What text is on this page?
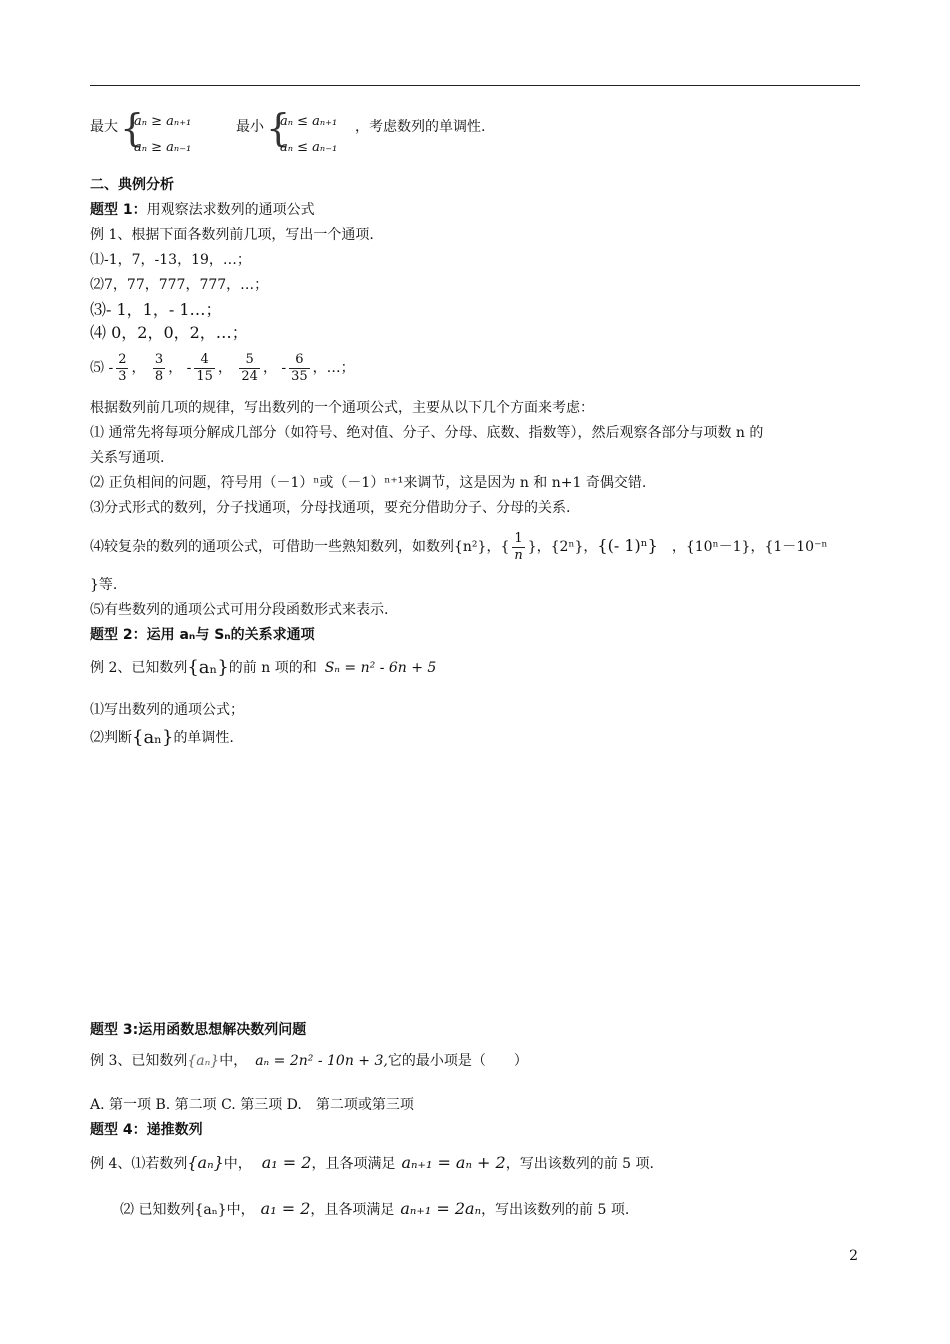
最大 {
aₙ ≥ aₙ₊₁
aₙ ≥ aₙ₋₁
最小 {
aₙ ≤ aₙ₊₁
aₙ ≤ aₙ₋₁
，考虑数列的单调性.
二、典例分析
题型 1：用观察法求数列的通项公式
例 1、根据下面各数列前几项，写出一个通项.
⑴-1，7，-13，19，…；
⑵7，77，777，777，…；
⑶- 1，1，- 1…；
⑷ 0，2，0，2，…；
⑸ - $\frac{2}{3}$ ， $\frac{3}{8}$ ， - $\frac{4}{15}$ ， $\frac{5}{24}$ ， - $\frac{6}{35}$ ，…；
根据数列前几项的规律，写出数列的一个通项公式，主要从以下几个方面来考虑：
⑴ 通常先将每项分解成几部分（如符号、绝对值、分子、分母、底数、指数等），然后观察各部分与项数 n 的
关系写通项.
⑵ 正负相间的问题，符号用（－1）ⁿ或（－1）ⁿ⁺¹来调节，这是因为 n 和 n+1 奇偶交错.
⑶分式形式的数列，分子找通项，分母找通项，要充分借助分子、分母的关系.
⑷较复杂的数列的通项公式，可借助一些熟知数列，如数列{n²}，{ $\frac{1}{n}$ }，{2ⁿ}，{(- 1)ⁿ}　 ，{10ⁿ－1}，{1－10⁻ⁿ
}等.
⑸有些数列的通项公式可用分段函数形式来表示.
题型 2：运用 aₙ与 Sₙ的关系求通项
例 2、已知数列{aₙ}的前 n 项的和 Sₙ = n² - 6n + 5
⑴写出数列的通项公式；
⑵判断{aₙ}的单调性.
题型 3:运用函数思想解决数列问题
例 3、已知数列{aₙ}中， aₙ = 2n² - 10n + 3,它的最小项是（　　）
A. 第一项 B. 第二项 C. 第三项 D.　第二项或第三项
题型 4：递推数列
例 4、⑴若数列{aₙ}中， a₁ = 2，且各项满足 aₙ₊₁ = aₙ + 2，写出该数列的前 5 项.
⑵ 已知数列{aₙ}中， a₁ = 2，且各项满足 aₙ₊₁ = 2aₙ，写出该数列的前 5 项.
2
